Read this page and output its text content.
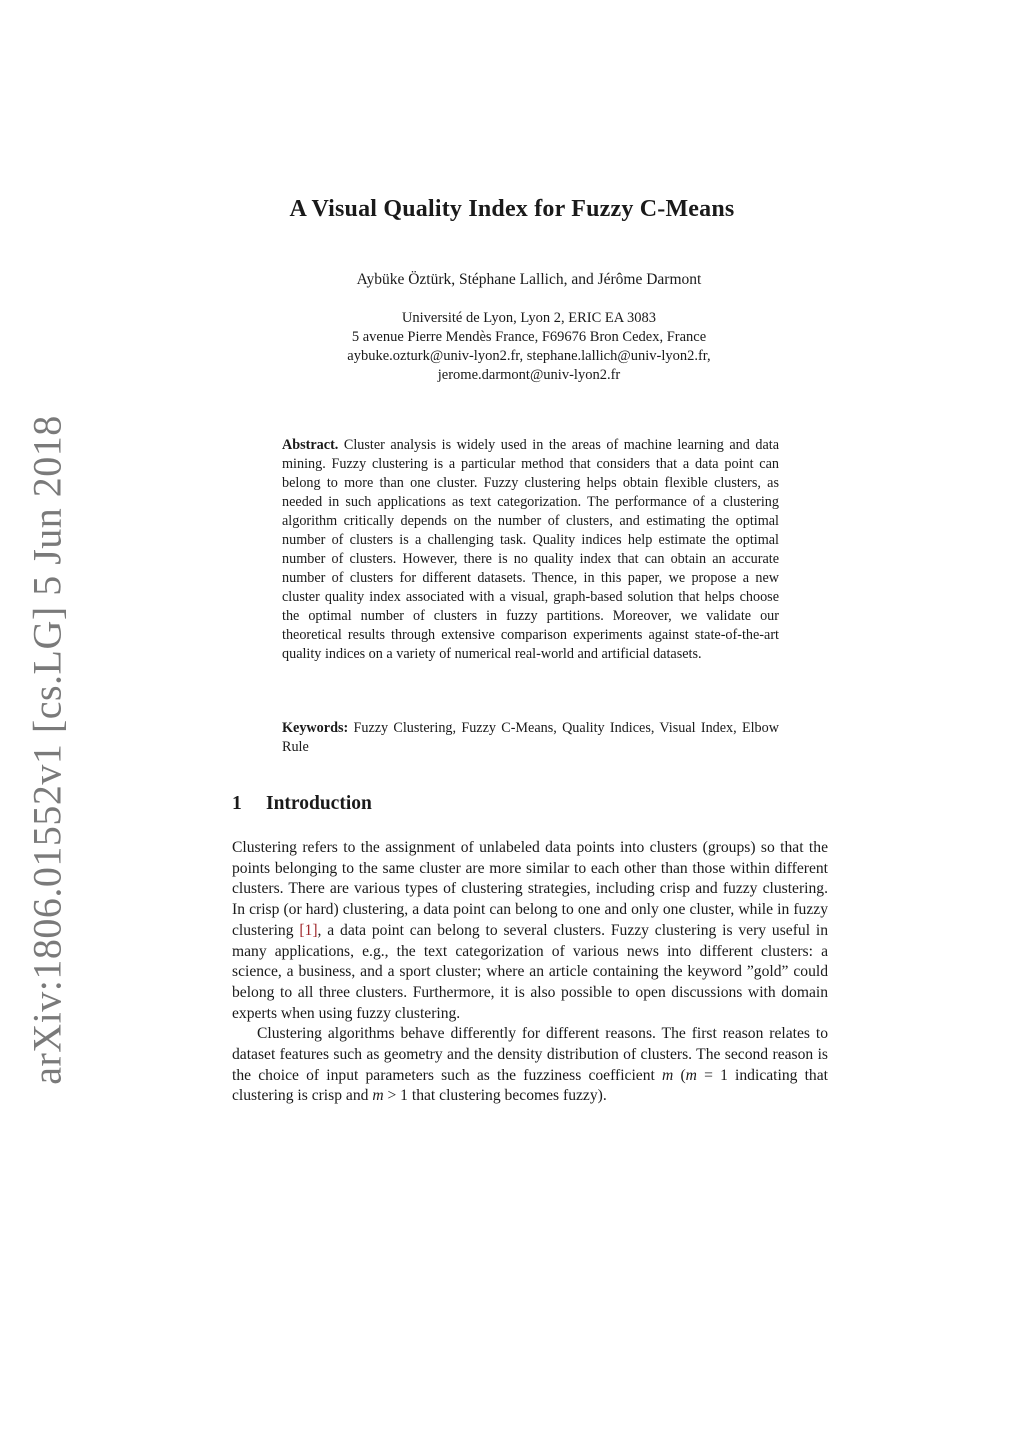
arXiv:1806.01552v1 [cs.LG] 5 Jun 2018
A Visual Quality Index for Fuzzy C-Means
Aybüke Öztürk, Stéphane Lallich, and Jérôme Darmont
Université de Lyon, Lyon 2, ERIC EA 3083
5 avenue Pierre Mendès France, F69676 Bron Cedex, France
aybuke.ozturk@univ-lyon2.fr, stephane.lallich@univ-lyon2.fr,
jerome.darmont@univ-lyon2.fr
Abstract. Cluster analysis is widely used in the areas of machine learning and data mining. Fuzzy clustering is a particular method that considers that a data point can belong to more than one cluster. Fuzzy clustering helps obtain flexible clusters, as needed in such applications as text categorization. The performance of a clustering algorithm critically depends on the number of clusters, and estimating the optimal number of clusters is a challenging task. Quality indices help estimate the optimal number of clusters. However, there is no quality index that can obtain an accurate number of clusters for different datasets. Thence, in this paper, we propose a new cluster quality index associated with a visual, graph-based solution that helps choose the optimal number of clusters in fuzzy partitions. Moreover, we validate our theoretical results through extensive comparison experiments against state-of-the-art quality indices on a variety of numerical real-world and artificial datasets.
Keywords: Fuzzy Clustering, Fuzzy C-Means, Quality Indices, Visual Index, Elbow Rule
1 Introduction

Clustering refers to the assignment of unlabeled data points into clusters (groups) so that the points belonging to the same cluster are more similar to each other than those within different clusters. There are various types of clustering strategies, including crisp and fuzzy clustering. In crisp (or hard) clustering, a data point can belong to one and only one cluster, while in fuzzy clustering [1], a data point can belong to several clusters. Fuzzy clustering is very useful in many applications, e.g., the text categorization of various news into different clusters: a science, a business, and a sport cluster; where an article containing the keyword ”gold” could belong to all three clusters. Furthermore, it is also possible to open discussions with domain experts when using fuzzy clustering.

Clustering algorithms behave differently for different reasons. The first reason relates to dataset features such as geometry and the density distribution of clusters. The second reason is the choice of input parameters such as the fuzziness coefficient m (m = 1 indicating that clustering is crisp and m > 1 that clustering becomes fuzzy).
